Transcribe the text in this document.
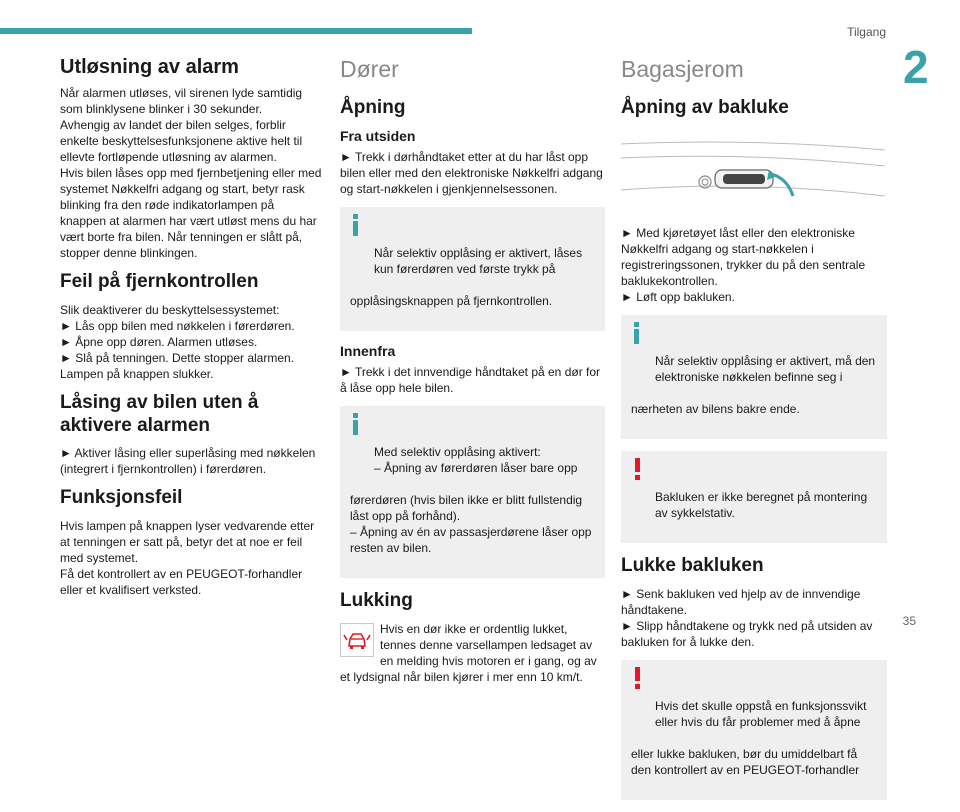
Tilgang
2
Utløsning av alarm

Når alarmen utløses, vil sirenen lyde samtidig som blinklysene blinker i 30 sekunder.
Avhengig av landet der bilen selges, forblir enkelte beskyttelsesfunksjonene aktive helt til ellevte fortløpende utløsning av alarmen.
Hvis bilen låses opp med fjernbetjening eller med systemet Nøkkelfri adgang og start, betyr rask blinking fra den røde indikatorlampen på knappen at alarmen har vært utløst mens du har vært borte fra bilen. Når tenningen er slått på, stopper denne blinkingen.

Feil på fjernkontrollen

Slik deaktiverer du beskyttelsessystemet:
► Lås opp bilen med nøkkelen i førerdøren.
► Åpne opp døren. Alarmen utløses.
► Slå på tenningen. Dette stopper alarmen. Lampen på knappen slukker.

Låsing av bilen uten å aktivere alarmen

► Aktiver låsing eller superlåsing med nøkkelen (integrert i fjernkontrollen) i førerdøren.

Funksjonsfeil

Hvis lampen på knappen lyser vedvarende etter at tenningen er satt på, betyr det at noe er feil med systemet.
Få det kontrollert av en PEUGEOT-forhandler eller et kvalifisert verksted.

Dører
Åpning
Fra utsiden

► Trekk i dørhåndtaket etter at du har låst opp bilen eller med den elektroniske Nøkkelfri adgang og start-nøkkelen i gjenkjennelsessonen.

Når selektiv opplåsing er aktivert, låses kun førerdøren ved første trykk på

opplåsingsknappen på fjernkontrollen.

Innenfra

► Trekk i det innvendige håndtaket på en dør for å låse opp hele bilen.

Med selektiv opplåsing aktivert:
– Åpning av førerdøren låser bare opp

førerdøren (hvis bilen ikke er blitt fullstendig låst opp på forhånd).
– Åpning av én av passasjerdørene låser opp resten av bilen.

Lukking

Hvis en dør ikke er ordentlig lukket, tennes denne varsellampen ledsaget av en melding hvis motoren er i gang, og av et lydsignal når bilen kjører i mer enn 10 km/t.

Bagasjerom
Åpning av bakluke

► Med kjøretøyet låst eller den elektroniske Nøkkelfri adgang og start-nøkkelen i registreringssonen, trykker du på den sentrale baklukekontrollen.
► Løft opp bakluken.

Når selektiv opplåsing er aktivert, må den elektroniske nøkkelen befinne seg i

nærheten av bilens bakre ende.

Bakluken er ikke beregnet på montering av sykkelstativ.

Lukke bakluken

► Senk bakluken ved hjelp av de innvendige håndtakene.
► Slipp håndtakene og trykk ned på utsiden av bakluken for å lukke den.

Hvis det skulle oppstå en funksjonssvikt eller hvis du får problemer med å åpne

eller lukke bakluken, bør du umiddelbart få den kontrollert av en PEUGEOT-forhandler

35
